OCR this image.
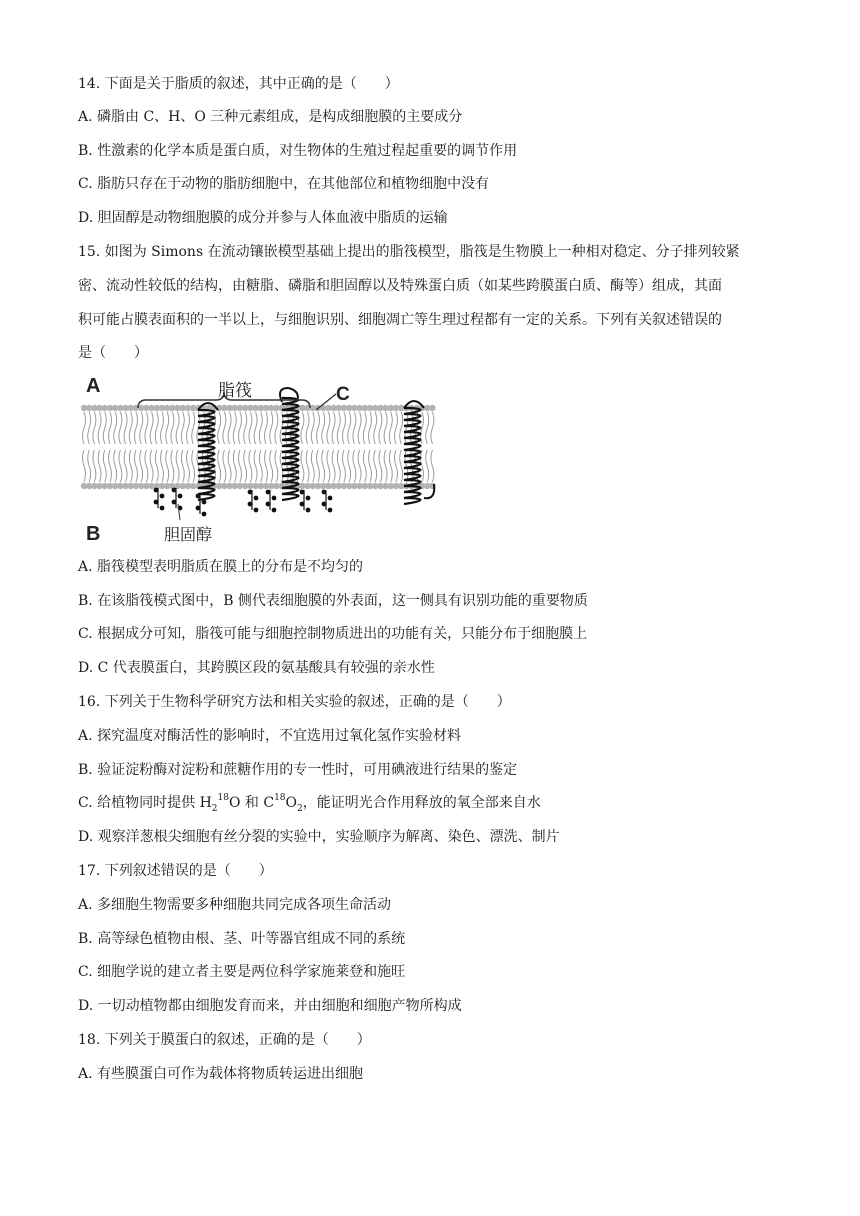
14. 下面是关于脂质的叙述，其中正确的是（　　）
A. 磷脂由 C、H、O 三种元素组成，是构成细胞膜的主要成分
B. 性激素的化学本质是蛋白质，对生物体的生殖过程起重要的调节作用
C. 脂肪只存在于动物的脂肪细胞中，在其他部位和植物细胞中没有
D. 胆固醇是动物细胞膜的成分并参与人体血液中脂质的运输
15. 如图为 Simons 在流动镶嵌模型基础上提出的脂筏模型，脂筏是生物膜上一种相对稳定、分子排列较紧
密、流动性较低的结构，由糖脂、磷脂和胆固醇以及特殊蛋白质（如某些跨膜蛋白质、酶等）组成，其面
积可能占膜表面积的一半以上，与细胞识别、细胞凋亡等生理过程都有一定的关系。下列有关叙述错误的
是（　　）
A	脂筏	C
B	胆固醇
A. 脂筏模型表明脂质在膜上的分布是不均匀的
B. 在该脂筏模式图中，B 侧代表细胞膜的外表面，这一侧具有识别功能的重要物质
C. 根据成分可知，脂筏可能与细胞控制物质进出的功能有关，只能分布于细胞膜上
D. C 代表膜蛋白，其跨膜区段的氨基酸具有较强的亲水性
16. 下列关于生物科学研究方法和相关实验的叙述，正确的是（　　）
A. 探究温度对酶活性的影响时，不宜选用过氧化氢作实验材料
B. 验证淀粉酶对淀粉和蔗糖作用的专一性时，可用碘液进行结果的鉴定
C. 给植物同时提供 $H_2^{18}O$ 和 $C^{18}O_2$，能证明光合作用释放的氧全部来自水
D. 观察洋葱根尖细胞有丝分裂的实验中，实验顺序为解离、染色、漂洗、制片
17. 下列叙述错误的是（　　）
A. 多细胞生物需要多种细胞共同完成各项生命活动
B. 高等绿色植物由根、茎、叶等器官组成不同的系统
C. 细胞学说的建立者主要是两位科学家施莱登和施旺
D. 一切动植物都由细胞发育而来，并由细胞和细胞产物所构成
18. 下列关于膜蛋白的叙述，正确的是（　　）
A. 有些膜蛋白可作为载体将物质转运进出细胞
